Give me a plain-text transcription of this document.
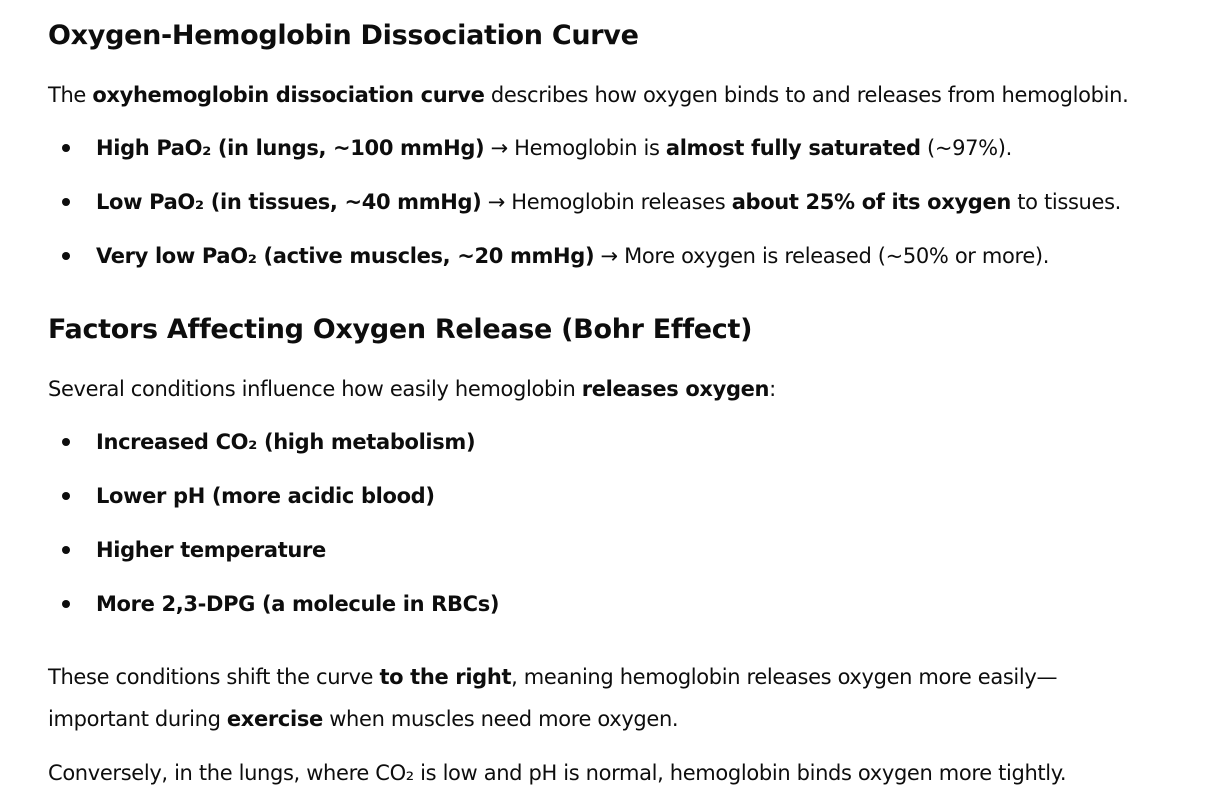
Oxygen-Hemoglobin Dissociation Curve

The oxyhemoglobin dissociation curve describes how oxygen binds to and releases from hemoglobin.

High PaO₂ (in lungs, ~100 mmHg) → Hemoglobin is almost fully saturated (~97%).
Low PaO₂ (in tissues, ~40 mmHg) → Hemoglobin releases about 25% of its oxygen to tissues.
Very low PaO₂ (active muscles, ~20 mmHg) → More oxygen is released (~50% or more).
Factors Affecting Oxygen Release (Bohr Effect)

Several conditions influence how easily hemoglobin releases oxygen:

Increased CO₂ (high metabolism)
Lower pH (more acidic blood)
Higher temperature
More 2,3-DPG (a molecule in RBCs)

These conditions shift the curve to the right, meaning hemoglobin releases oxygen more easily—

important during exercise when muscles need more oxygen.

Conversely, in the lungs, where CO₂ is low and pH is normal, hemoglobin binds oxygen more tightly.
